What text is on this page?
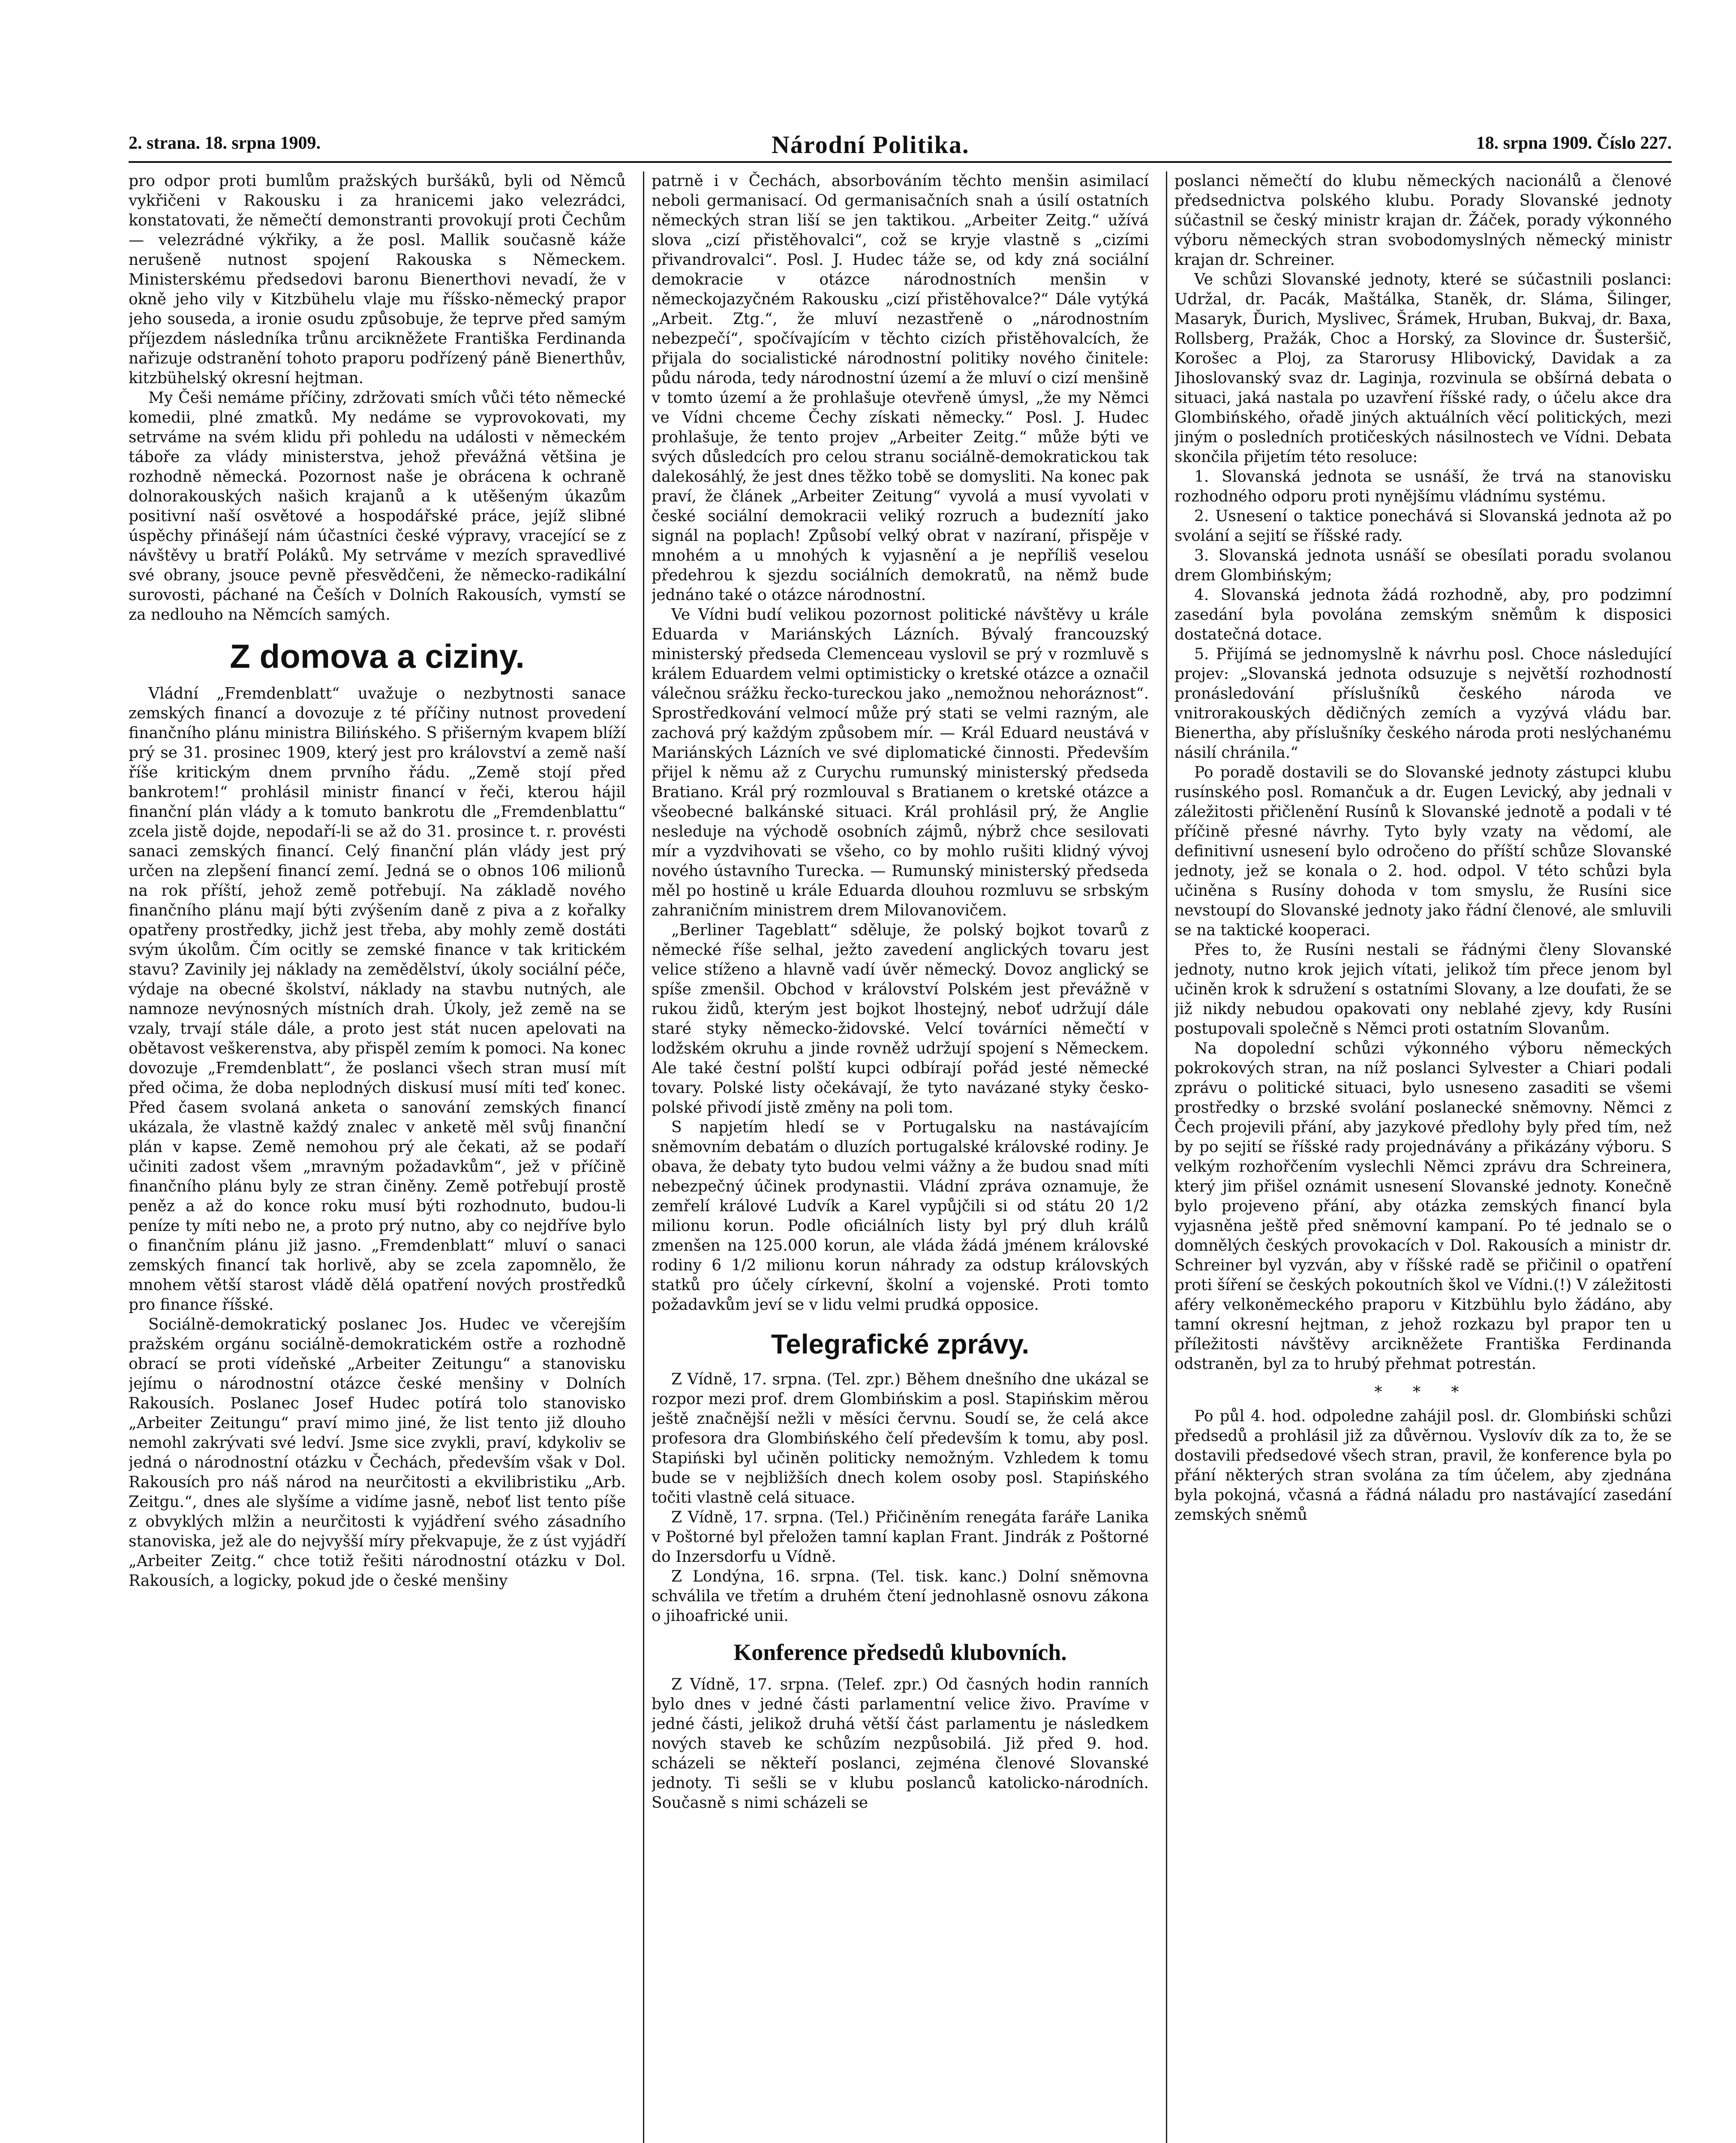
2. strana. 18. srpna 1909.	Národní Politika.	18. srpna 1909. Číslo 227.

pro odpor proti bumlům pražských buršáků, byli od Němců vykřičeni v Rakousku i za hranicemi jako velezrádci, konstatovati, že němečtí demonstranti provokují proti Čechům — velezrádné výkřiky, a že posl. Mallik současně káže nerušeně nutnost spojení Rakouska s Německem. Ministerskému předsedovi baronu Bienerthovi nevadí, že v okně jeho vily v Kitzbühelu vlaje mu říšsko-německý prapor jeho souseda, a ironie osudu způsobuje, že teprve před samým příjezdem následníka trůnu arcikněžete Františka Ferdinanda nařizuje odstranění tohoto praporu podřízený páně Bienerthův, kitzbühelský okresní hejtman.

My Češi nemáme příčiny, zdržovati smích vůči této německé komedii, plné zmatků. My nedáme se vyprovokovati, my setrváme na svém klidu při pohledu na události v německém táboře za vlády ministerstva, jehož převážná většina je rozhodně německá. Pozornost naše je obrácena k ochraně dolnorakouských našich krajanů a k utěšeným úkazům positivní naší osvětové a hospodářské práce, jejíž slibné úspěchy přinášejí nám účastníci české výpravy, vracející se z návštěvy u bratří Poláků. My setrváme v mezích spravedlivé své obrany, jsouce pevně přesvědčeni, že německo-radikální surovosti, páchané na Češích v Dolních Rakousích, vymstí se za nedlouho na Němcích samých.

Z domova a ciziny.

Vládní „Fremdenblatt“ uvažuje o nezbytnosti sanace zemských financí a dovozuje z té příčiny nutnost provedení finančního plánu ministra Bilińského. S přišerným kvapem blíží prý se 31. prosinec 1909, který jest pro království a země naší říše kritickým dnem prvního řádu. „Země stojí před bankrotem!“ prohlásil ministr financí v řeči, kterou hájil finanční plán vlády a k tomuto bankrotu dle „Fremdenblattu“ zcela jistě dojde, nepodaří-li se až do 31. prosince t. r. provésti sanaci zemských financí. Celý finanční plán vlády jest prý určen na zlepšení financí zemí. Jedná se o obnos 106 milionů na rok příští, jehož země potřebují. Na základě nového finančního plánu mají býti zvýšením daně z piva a z kořalky opatřeny prostředky, jichž jest třeba, aby mohly země dostáti svým úkolům. Čím ocitly se zemské finance v tak kritickém stavu? Zavinily jej náklady na zemědělství, úkoly sociální péče, výdaje na obecné školství, náklady na stavbu nutných, ale namnoze nevýnosných místních drah. Úkoly, jež země na se vzaly, trvají stále dále, a proto jest stát nucen apelovati na obětavost veškerenstva, aby přispěl zemím k pomoci. Na konec dovozuje „Fremdenblatt“, že poslanci všech stran musí mít před očima, že doba neplodných diskusí musí míti teď konec. Před časem svolaná anketa o sanování zemských financí ukázala, že vlastně každý znalec v anketě měl svůj finanční plán v kapse. Země nemohou prý ale čekati, až se podaří učiniti zadost všem „mravným požadavkům“, jež v příčině finančního plánu byly ze stran činěny. Země potřebují prostě peněz a až do konce roku musí býti rozhodnuto, budou-li peníze ty míti nebo ne, a proto prý nutno, aby co nejdříve bylo o finančním plánu již jasno. „Fremdenblatt“ mluví o sanaci zemských financí tak horlivě, aby se zcela zapomnělo, že mnohem větší starost vládě dělá opatření nových prostředků pro finance říšské.

Sociálně-demokratický poslanec Jos. Hudec ve včerejším pražském orgánu sociálně-demokratickém ostře a rozhodně obrací se proti vídeňské „Arbeiter Zeitungu“ a stanovisku jejímu o národnostní otázce české menšiny v Dolních Rakousích. Poslanec Josef Hudec potírá tolo stanovisko „Arbeiter Zeitungu“ praví mimo jiné, že list tento již dlouho nemohl zakrývati své ledví. Jsme sice zvykli, praví, kdykoliv se jedná o národnostní otázku v Čechách, především však v Dol. Rakousích pro náš národ na neurčitosti a ekvilibristiku „Arb. Zeitgu.“, dnes ale slyšíme a vidíme jasně, neboť list tento píše z obvyklých mlžin a neurčitosti k vyjádření svého zásadního stanoviska, jež ale do nejvyšší míry překvapuje, že z úst vyjádří „Arbeiter Zeitg.“ chce totiž řešiti národnostní otázku v Dol. Rakousích, a logicky, pokud jde o české menšiny

patrně i v Čechách, absorbováním těchto menšin asimilací neboli germanisací. Od germanisačních snah a úsilí ostatních německých stran liší se jen taktikou. „Arbeiter Zeitg.“ užívá slova „cizí přistěhovalci“, což se kryje vlastně s „cizími přivandrovalci“. Posl. J. Hudec táže se, od kdy zná sociální demokracie v otázce národnostních menšin v německojazyčném Rakousku „cizí přistěhovalce?“ Dále vytýká „Arbeit. Ztg.“, že mluví nezastřeně o „národnostním nebezpečí“, spočívajícím v těchto cizích přistěhovalcích, že přijala do socialistické národnostní politiky nového činitele: půdu národa, tedy národnostní území a že mluví o cizí menšině v tomto území a že prohlašuje otevřeně úmysl, „že my Němci ve Vídni chceme Čechy získati německy.“ Posl. J. Hudec prohlašuje, že tento projev „Arbeiter Zeitg.“ může býti ve svých důsledcích pro celou stranu sociálně-demokratickou tak dalekosáhlý, že jest dnes těžko tobě se domysliti. Na konec pak praví, že článek „Arbeiter Zeitung“ vyvolá a musí vyvolati v české sociální demokracii veliký rozruch a budeznítí jako signál na poplach! Způsobí velký obrat v nazíraní, přispěje v mnohém a u mnohých k vyjasnění a je nepříliš veselou předehrou k sjezdu sociálních demokratů, na němž bude jednáno také o otázce národnostní.

Ve Vídni budí velikou pozornost politické návštěvy u krále Eduarda v Mariánských Lázních. Bývalý francouzský ministerský předseda Clemenceau vyslovil se prý v rozmluvě s králem Eduardem velmi optimisticky o kretské otázce a označil válečnou srážku řecko-tureckou jako „nemožnou nehoráznost“. Sprostředkování velmocí může prý stati se velmi razným, ale zachová prý každým způsobem mír. — Král Eduard neustává v Mariánských Lázních ve své diplomatické činnosti. Především přijel k němu až z Curychu rumunský ministerský předseda Bratiano. Král prý rozmlouval s Bratianem o kretské otázce a všeobecné balkánské situaci. Král prohlásil prý, že Anglie nesleduje na východě osobních zájmů, nýbrž chce sesilovati mír a vyzdvihovati se všeho, co by mohlo rušiti klidný vývoj nového ústavního Turecka. — Rumunský ministerský předseda měl po hostině u krále Eduarda dlouhou rozmluvu se srbským zahraničním ministrem drem Milovanovičem.

„Berliner Tageblatt“ sděluje, že polský bojkot tovarů z německé říše selhal, ježto zavedení anglických tovaru jest velice stíženo a hlavně vadí úvěr německý. Dovoz anglický se spíše zmenšil. Obchod v království Polském jest převážně v rukou židů, kterým jest bojkot lhostejný, neboť udržují dále staré styky německo-židovské. Velcí továrníci němečtí v lodžském okruhu a jinde rovněž udržují spojení s Německem. Ale také čestní polští kupci odbírají pořád jesté německé tovary. Polské listy očekávají, že tyto navázané styky česko-polské přivodí jistě změny na poli tom.

S napjetím hledí se v Portugalsku na nastávajícím sněmovním debatám o dluzích portugalské královské rodiny. Je obava, že debaty tyto budou velmi vážny a že budou snad míti nebezpečný účinek prodynastii. Vládní zpráva oznamuje, že zemřelí králové Ludvík a Karel vypůjčili si od státu 20 1/2 milionu korun. Podle oficiálních listy byl prý dluh králů zmenšen na 125.000 korun, ale vláda žádá jménem královské rodiny 6 1/2 milionu korun náhrady za odstup královských statků pro účely církevní, školní a vojenské. Proti tomto požadavkům jeví se v lidu velmi prudká opposice.

Telegrafické zprávy.

Z Vídně, 17. srpna. (Tel. zpr.) Během dnešního dne ukázal se rozpor mezi prof. drem Glombińskim a posl. Stapińskim měrou ještě značnější nežli v měsíci červnu. Soudí se, že celá akce profesora dra Glombińského čelí především k tomu, aby posl. Stapiński byl učiněn politicky nemožným. Vzhledem k tomu bude se v nejbližších dnech kolem osoby posl. Stapińského točiti vlastně celá situace.

Z Vídně, 17. srpna. (Tel.) Přičiněním renegáta faráře Lanika v Poštorné byl přeložen tamní kaplan Frant. Jindrák z Poštorné do Inzersdorfu u Vídně.

Z Londýna, 16. srpna. (Tel. tisk. kanc.) Dolní sněmovna schválila ve třetím a druhém čtení jednohlasně osnovu zákona o jihoafrické unii.

Konference předsedů klubovních.

Z Vídně, 17. srpna. (Telef. zpr.) Od časných hodin ranních bylo dnes v jedné části parlamentní velice živo. Pravíme v jedné části, jelikož druhá větší část parlamentu je následkem nových staveb ke schůzím nezpůsobilá. Již před 9. hod. scházeli se někteří poslanci, zejména členové Slovanské jednoty. Ti sešli se v klubu poslanců katolicko-národních. Současně s nimi scházeli se

poslanci němečtí do klubu německých nacionálů a členové předsednictva polského klubu. Porady Slovanské jednoty súčastnil se český ministr krajan dr. Žáček, porady výkonného výboru německých stran svobodomyslných německý ministr krajan dr. Schreiner.

Ve schůzi Slovanské jednoty, které se súčastnili poslanci: Udržal, dr. Pacák, Maštálka, Staněk, dr. Sláma, Šilinger, Masaryk, Ďurich, Myslivec, Šrámek, Hruban, Bukvaj, dr. Baxa, Rollsberg, Pražák, Choc a Horský, za Slovince dr. Šusteršič, Korošec a Ploj, za Starorusy Hlibovický, Davidak a za Jihoslovanský svaz dr. Laginja, rozvinula se obšírná debata o situaci, jaká nastala po uzavření říšské rady, o účelu akce dra Glombińského, ořadě jiných aktuálních věcí politických, mezi jiným o posledních protičeských násilnostech ve Vídni. Debata skončila přijetím této resoluce:

1. Slovanská jednota se usnáší, že trvá na stanovisku rozhodného odporu proti nynějšímu vládnímu systému.

2. Usnesení o taktice ponechává si Slovanská jednota až po svolání a sejití se říšské rady.

3. Slovanská jednota usnáší se obesílati poradu svolanou drem Glombińským;

4. Slovanská jednota žádá rozhodně, aby, pro podzimní zasedání byla povolána zemským sněmům k disposici dostatečná dotace.

5. Přijímá se jednomyslně k návrhu posl. Choce následující projev: „Slovanská jednota odsuzuje s největší rozhodností pronásledování příslušníků českého národa ve vnitrorakouských dědičných zemích a vyzývá vládu bar. Bienertha, aby příslušníky českého národa proti neslýchanému násilí chránila.“

Po poradě dostavili se do Slovanské jednoty zástupci klubu rusínského posl. Romančuk a dr. Eugen Levický, aby jednali v záležitosti přičlenění Rusínů k Slovanské jednotě a podali v té příčině přesné návrhy. Tyto byly vzaty na vědomí, ale definitivní usnesení bylo odročeno do příští schůze Slovanské jednoty, jež se konala o 2. hod. odpol. V této schůzi byla učiněna s Rusíny dohoda v tom smyslu, že Rusíni sice nevstoupí do Slovanské jednoty jako řádní členové, ale smluvili se na taktické kooperaci.

Přes to, že Rusíni nestali se řádnými členy Slovanské jednoty, nutno krok jejich vítati, jelikož tím přece jenom byl učiněn krok k sdružení s ostatními Slovany, a lze doufati, že se již nikdy nebudou opakovati ony neblahé zjevy, kdy Rusíni postupovali společně s Němci proti ostatním Slovanům.

Na dopolední schůzi výkonného výboru německých pokrokových stran, na níž poslanci Sylvester a Chiari podali zprávu o politické situaci, bylo usneseno zasaditi se všemi prostředky o brzské svolání poslanecké sněmovny. Němci z Čech projevili přání, aby jazykové předlohy byly před tím, než by po sejití se říšské rady projednávány a přikázány výboru. S velkým rozhořčením vyslechli Němci zprávu dra Schreinera, který jim přišel oznámit usnesení Slovanské jednoty. Konečně bylo projeveno přání, aby otázka zemských financí byla vyjasněna ještě před sněmovní kampaní. Po té jednalo se o domnělých českých provokacích v Dol. Rakousích a ministr dr. Schreiner byl vyzván, aby v říšské radě se přičinil o opatření proti šíření se českých pokoutních škol ve Vídni.(!) V záležitosti aféry velkoněmeckého praporu v Kitzbühlu bylo žádáno, aby tamní okresní hejtman, z jehož rozkazu byl prapor ten u příležitosti návštěvy arcikněžete Františka Ferdinanda odstraněn, byl za to hrubý přehmat potrestán.

* * *

Po půl 4. hod. odpoledne zahájil posl. dr. Glombiński schůzi předsedů a prohlásil již za důvěrnou. Vyslovív dík za to, že se dostavili předsedové všech stran, pravil, že konference byla po přání některých stran svolána za tím účelem, aby zjednána byla pokojná, včasná a řádná náladu pro nastávající zasedání zemských sněmů
